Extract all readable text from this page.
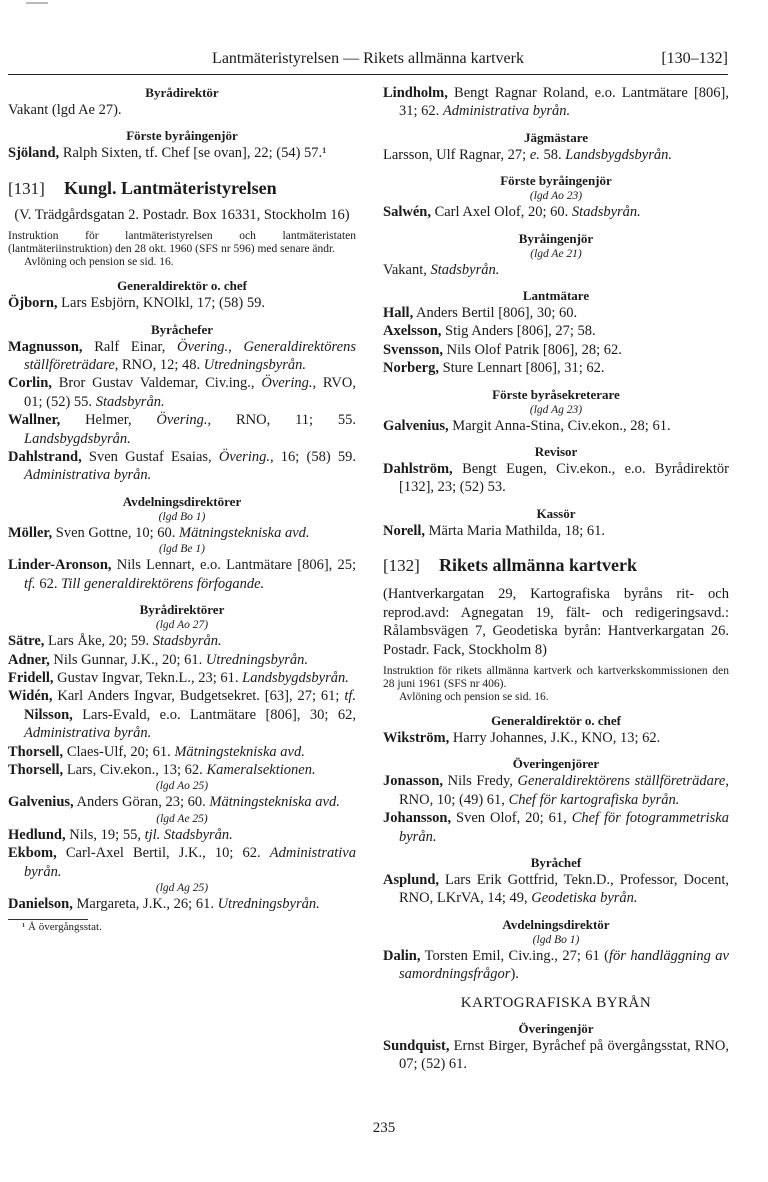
Lantmäteristyrelsen — Rikets allmänna kartverk	[130–132]
Byrådirektör
Vakant (lgd Ae 27).
Förste byråingenjör
Sjöland, Ralph Sixten, tf. Chef [se ovan], 22; (54) 57.¹
[131] Kungl. Lantmäteristyrelsen
(V. Trädgårdsgatan 2. Postadr. Box 16331, Stockholm 16)
Instruktion för lantmäteristyrelsen och lantmäteristaten (lantmäteriinstruktion) den 28 okt. 1960 (SFS nr 596) med senare ändr.
Avlöning och pension se sid. 16.
Generaldirektör o. chef
Öjborn, Lars Esbjörn, KNOlkl, 17; (58) 59.
Byråchefer
Magnusson, Ralf Einar, Övering., Generaldirektörens ställföreträdare, RNO, 12; 48. Utredningsbyrån.
Corlin, Bror Gustav Valdemar, Civ.ing., Övering., RVO, 01; (52) 55. Stadsbyrån.
Wallner, Helmer, Övering., RNO, 11; 55. Landsbygdsbyrån.
Dahlstrand, Sven Gustaf Esaias, Övering., 16; (58) 59. Administrativa byrån.
Avdelningsdirektörer
(lgd Bo 1)
Möller, Sven Gottne, 10; 60. Mätningstekniska avd.
(lgd Be 1)
Linder-Aronson, Nils Lennart, e.o. Lantmätare [806], 25; tf. 62. Till generaldirektörens förfogande.
Byrådirektörer
(lgd Ao 27)
Sätre, Lars Åke, 20; 59. Stadsbyrån.
Adner, Nils Gunnar, J.K., 20; 61. Utredningsbyrån.
Fridell, Gustav Ingvar, Tekn.L., 23; 61. Landsbygdsbyrån.
Widén, Karl Anders Ingvar, Budgetsekret. [63], 27; 61; tf. Nilsson, Lars-Evald, e.o. Lantmätare [806], 30; 62, Administrativa byrån.
Thorsell, Claes-Ulf, 20; 61. Mätningstekniska avd.
Thorsell, Lars, Civ.ekon., 13; 62. Kameralsektionen.
(lgd Ao 25)
Galvenius, Anders Göran, 23; 60. Mätningstekniska avd.
(lgd Ae 25)
Hedlund, Nils, 19; 55, tjl. Stadsbyrån.
Ekbom, Carl-Axel Bertil, J.K., 10; 62. Administrativa byrån.
(lgd Ag 25)
Danielson, Margareta, J.K., 26; 61. Utredningsbyrån.
¹ Å övergångsstat.
Lindholm, Bengt Ragnar Roland, e.o. Lantmätare [806], 31; 62. Administrativa byrån.
Jägmästare
Larsson, Ulf Ragnar, 27; e. 58. Landsbygdsbyrån.
Förste byråingenjör
(lgd Ao 23)
Salwén, Carl Axel Olof, 20; 60. Stadsbyrån.
Byråingenjör
(lgd Ae 21)
Vakant, Stadsbyrån.
Lantmätare
Hall, Anders Bertil [806], 30; 60.
Axelsson, Stig Anders [806], 27; 58.
Svensson, Nils Olof Patrik [806], 28; 62.
Norberg, Sture Lennart [806], 31; 62.
Förste byråsekreterare
(lgd Ag 23)
Galvenius, Margit Anna-Stina, Civ.ekon., 28; 61.
Revisor
Dahlström, Bengt Eugen, Civ.ekon., e.o. Byrådirektör [132], 23; (52) 53.
Kassör
Norell, Märta Maria Mathilda, 18; 61.
[132] Rikets allmänna kartverk
(Hantverkargatan 29, Kartografiska byråns rit- och reprod.avd: Agnegatan 19, fält- och redigeringsavd.: Rålambsvägen 7, Geodetiska byrån: Hantverkargatan 26. Postadr. Fack, Stockholm 8)
Instruktion för rikets allmänna kartverk och kartverkskommissionen den 28 juni 1961 (SFS nr 406).
Avlöning och pension se sid. 16.
Generaldirektör o. chef
Wikström, Harry Johannes, J.K., KNO, 13; 62.
Överingenjörer
Jonasson, Nils Fredy, Generaldirektörens ställföreträdare, RNO, 10; (49) 61, Chef för kartografiska byrån.
Johansson, Sven Olof, 20; 61, Chef för fotogrammetriska byrån.
Byråchef
Asplund, Lars Erik Gottfrid, Tekn.D., Professor, Docent, RNO, LKrVA, 14; 49, Geodetiska byrån.
Avdelningsdirektör
(lgd Bo 1)
Dalin, Torsten Emil, Civ.ing., 27; 61 (för handläggning av samordningsfrågor).
KARTOGRAFISKA BYRÅN
Överingenjör
Sundquist, Ernst Birger, Byråchef på övergångsstat, RNO, 07; (52) 61.
235
